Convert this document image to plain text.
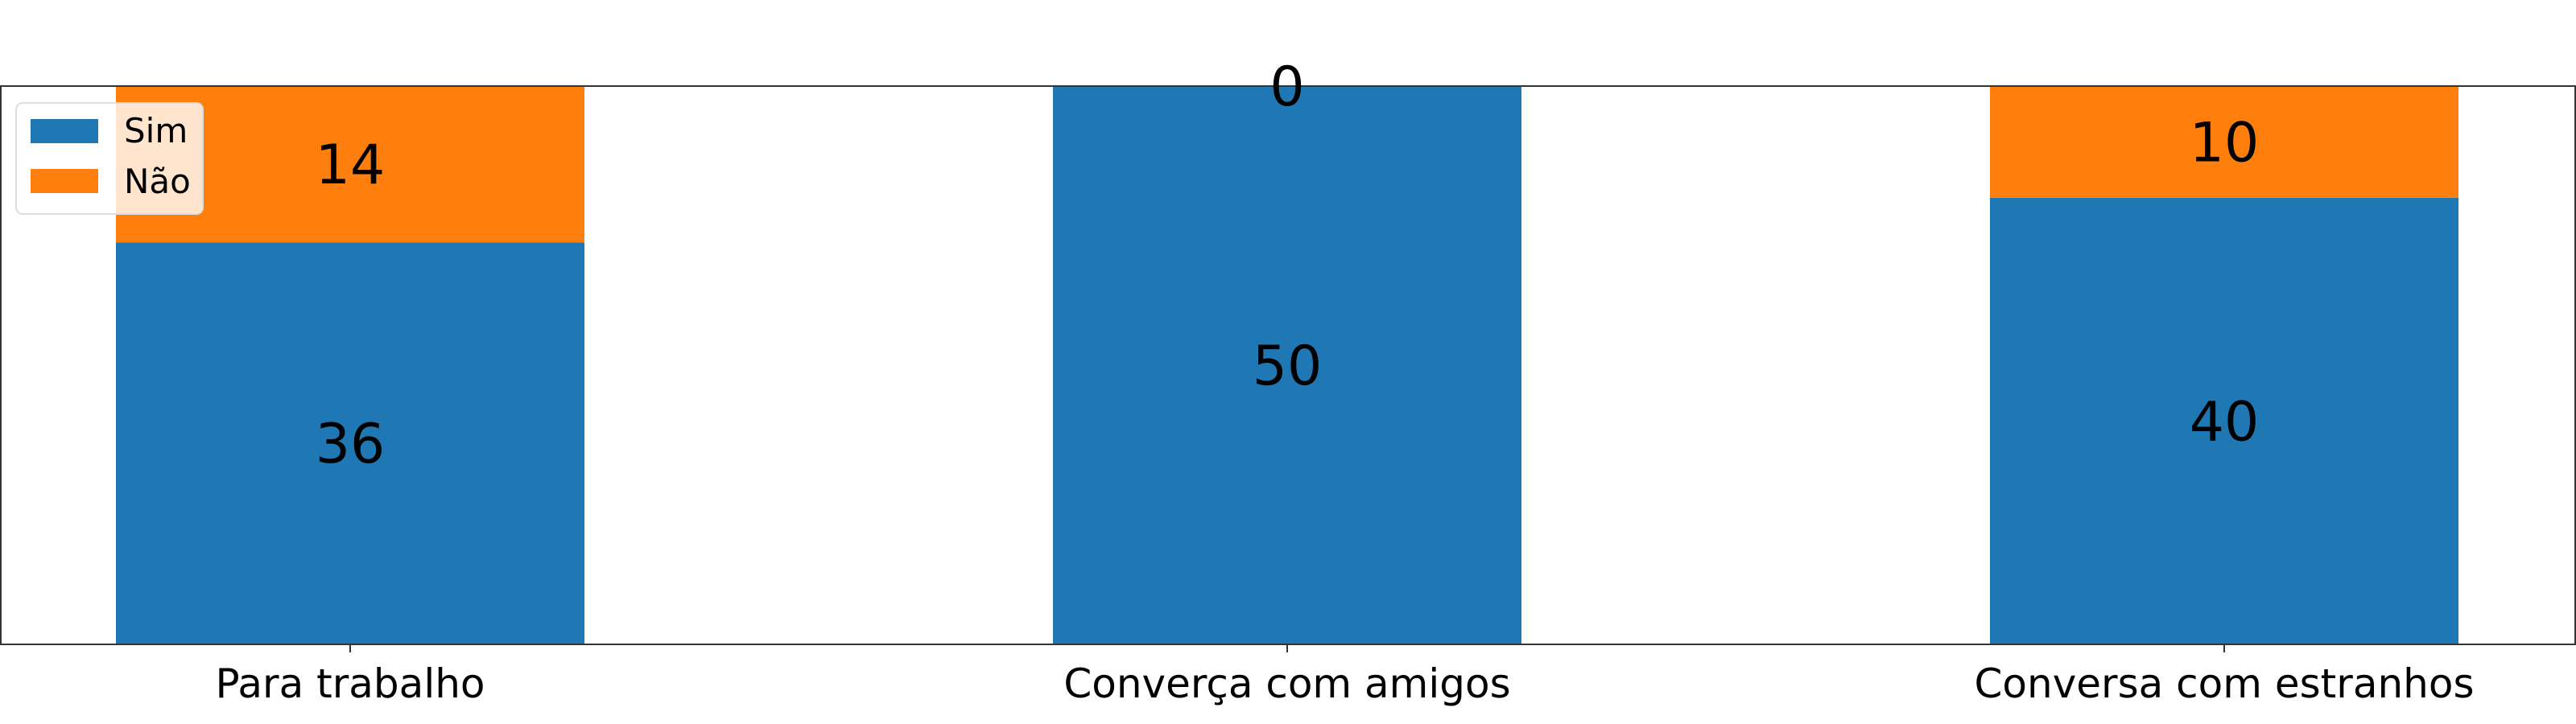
Para trabalho	Converça com amigos	Conversa com estranhos
36
14
50
0
40
10
Sim
Não
